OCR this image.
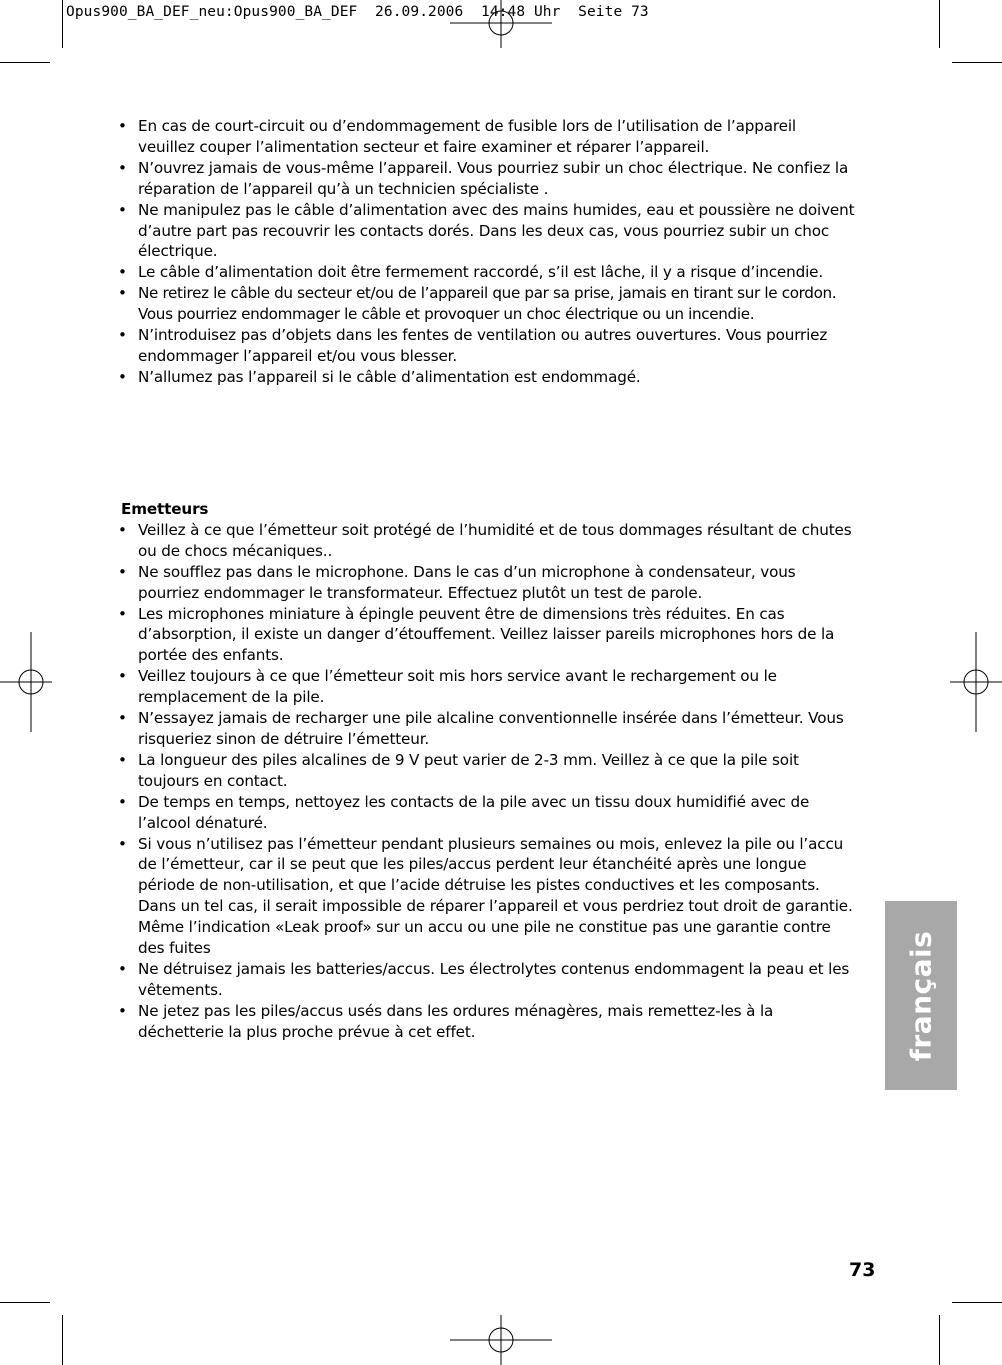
Opus900_BA_DEF_neu:Opus900_BA_DEF  26.09.2006  14:48 Uhr  Seite 73
• En cas de court-circuit ou d’endommagement de fusible lors de l’utilisation de l’appareil veuillez couper l’alimentation secteur et faire examiner et réparer l’appareil.
• N’ouvrez jamais de vous-même l’appareil. Vous pourriez subir un choc électrique. Ne confiez la réparation de l’appareil qu’à un technicien spécialiste .
• Ne manipulez pas le câble d’alimentation avec des mains humides, eau et poussière ne doivent d’autre part pas recouvrir les contacts dorés. Dans les deux cas, vous pourriez subir un choc électrique.
• Le câble d’alimentation doit être fermement raccordé, s’il est lâche, il y a risque d’incendie.
• Ne retirez le câble du secteur et/ou de l’appareil que par sa prise, jamais en tirant sur le cordon. Vous pourriez endommager le câble et provoquer un choc électrique ou un incendie.
• N’introduisez pas d’objets dans les fentes de ventilation ou autres ouvertures. Vous pourriez endommager l’appareil et/ou vous blesser.
• N’allumez pas l’appareil si le câble d’alimentation est endommagé.
Emetteurs
• Veillez à ce que l’émetteur soit protégé de l’humidité et de tous dommages résultant de chutes ou de chocs mécaniques..
• Ne soufflez pas dans le microphone. Dans le cas d’un microphone à condensateur, vous pourriez endommager le transformateur. Effectuez plutôt un test de parole.
• Les microphones miniature à épingle peuvent être de dimensions très réduites. En cas d’absorption, il existe un danger d’étouffement. Veillez laisser pareils microphones hors de la portée des enfants.
• Veillez toujours à ce que l’émetteur soit mis hors service avant le rechargement ou le remplacement de la pile.
• N’essayez jamais de recharger une pile alcaline conventionnelle insérée dans l’émetteur. Vous risqueriez sinon de détruire l’émetteur.
• La longueur des piles alcalines de 9 V peut varier de 2-3 mm. Veillez à ce que la pile soit toujours en contact.
• De temps en temps, nettoyez les contacts de la pile avec un tissu doux humidifié avec de l’alcool dénaturé.
• Si vous n’utilisez pas l’émetteur pendant plusieurs semaines ou mois, enlevez la pile ou l’accu de l’émetteur, car il se peut que les piles/accus perdent leur étanchéité après une longue période de non-utilisation, et que l’acide détruise les pistes conductives et les composants. Dans un tel cas, il serait impossible de réparer l’appareil et vous perdriez tout droit de garantie. Même l’indication «Leak proof» sur un accu ou une pile ne constitue pas une garantie contre des fuites
• Ne détruisez jamais les batteries/accus. Les électrolytes contenus endommagent la peau et les vêtements.
• Ne jetez pas les piles/accus usés dans les ordures ménagères, mais remettez-les à la déchetterie la plus proche prévue à cet effet.	français
73
